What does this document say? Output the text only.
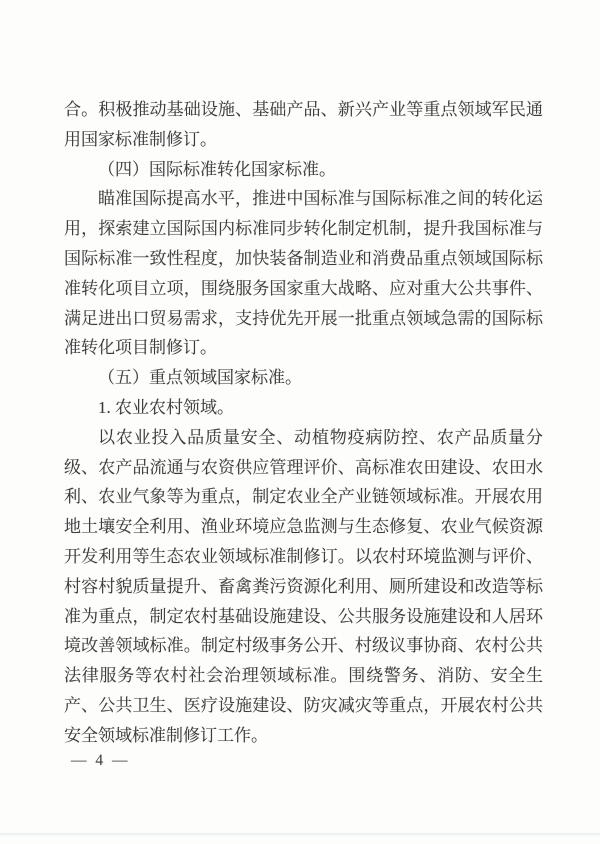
合。积极推动基础设施、基础产品、新兴产业等重点领域军民通用国家标准制修订。

（四）国际标准转化国家标准。

瞄准国际提高水平，推进中国标准与国际标准之间的转化运用，探索建立国际国内标准同步转化制定机制，提升我国标准与国际标准一致性程度，加快装备制造业和消费品重点领域国际标准转化项目立项，围绕服务国家重大战略、应对重大公共事件、满足进出口贸易需求，支持优先开展一批重点领域急需的国际标准转化项目制修订。

（五）重点领域国家标准。

1. 农业农村领域。

以农业投入品质量安全、动植物疫病防控、农产品质量分级、农产品流通与农资供应管理评价、高标准农田建设、农田水利、农业气象等为重点，制定农业全产业链领域标准。开展农用地土壤安全利用、渔业环境应急监测与生态修复、农业气候资源开发利用等生态农业领域标准制修订。以农村环境监测与评价、村容村貌质量提升、畜禽粪污资源化利用、厕所建设和改造等标准为重点，制定农村基础设施建设、公共服务设施建设和人居环境改善领域标准。制定村级事务公开、村级议事协商、农村公共法律服务等农村社会治理领域标准。围绕警务、消防、安全生产、公共卫生、医疗设施建设、防灾减灾等重点，开展农村公共安全领域标准制修订工作。

— 4 —
